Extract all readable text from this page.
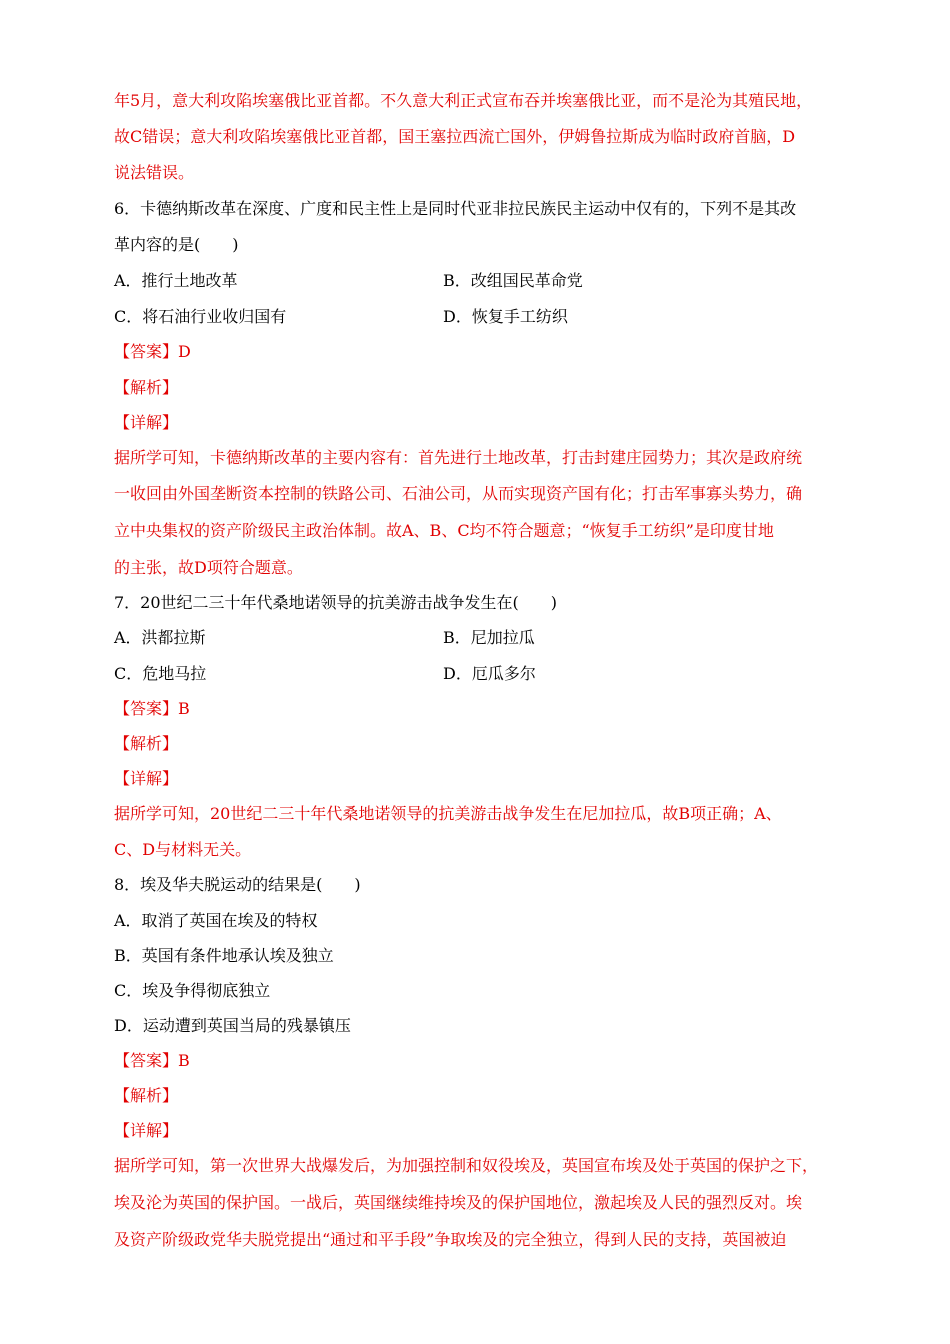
年5月，意大利攻陷埃塞俄比亚首都。不久意大利正式宣布吞并埃塞俄比亚，而不是沦为其殖民地，
故C错误；意大利攻陷埃塞俄比亚首都，国王塞拉西流亡国外，伊姆鲁拉斯成为临时政府首脑，D
说法错误。
6．卡德纳斯改革在深度、广度和民主性上是同时代亚非拉民族民主运动中仅有的，下列不是其改
革内容的是(　　)
A．推行土地改革	B．改组国民革命党
C．将石油行业收归国有	D．恢复手工纺织
【答案】D
【解析】
【详解】
据所学可知，卡德纳斯改革的主要内容有：首先进行土地改革，打击封建庄园势力；其次是政府统
一收回由外国垄断资本控制的铁路公司、石油公司，从而实现资产国有化；打击军事寡头势力，确
立中央集权的资产阶级民主政治体制。故A、B、C均不符合题意；“恢复手工纺织”是印度甘地
的主张，故D项符合题意。
7．20世纪二三十年代桑地诺领导的抗美游击战争发生在(　　)
A．洪都拉斯	B．尼加拉瓜
C．危地马拉	D．厄瓜多尔
【答案】B
【解析】
【详解】
据所学可知，20世纪二三十年代桑地诺领导的抗美游击战争发生在尼加拉瓜，故B项正确；A、
C、D与材料无关。
8．埃及华夫脱运动的结果是(　　)
A．取消了英国在埃及的特权
B．英国有条件地承认埃及独立
C．埃及争得彻底独立
D．运动遭到英国当局的残暴镇压
【答案】B
【解析】
【详解】
据所学可知，第一次世界大战爆发后，为加强控制和奴役埃及，英国宣布埃及处于英国的保护之下，
埃及沦为英国的保护国。一战后，英国继续维持埃及的保护国地位，激起埃及人民的强烈反对。埃
及资产阶级政党华夫脱党提出“通过和平手段”争取埃及的完全独立，得到人民的支持，英国被迫
